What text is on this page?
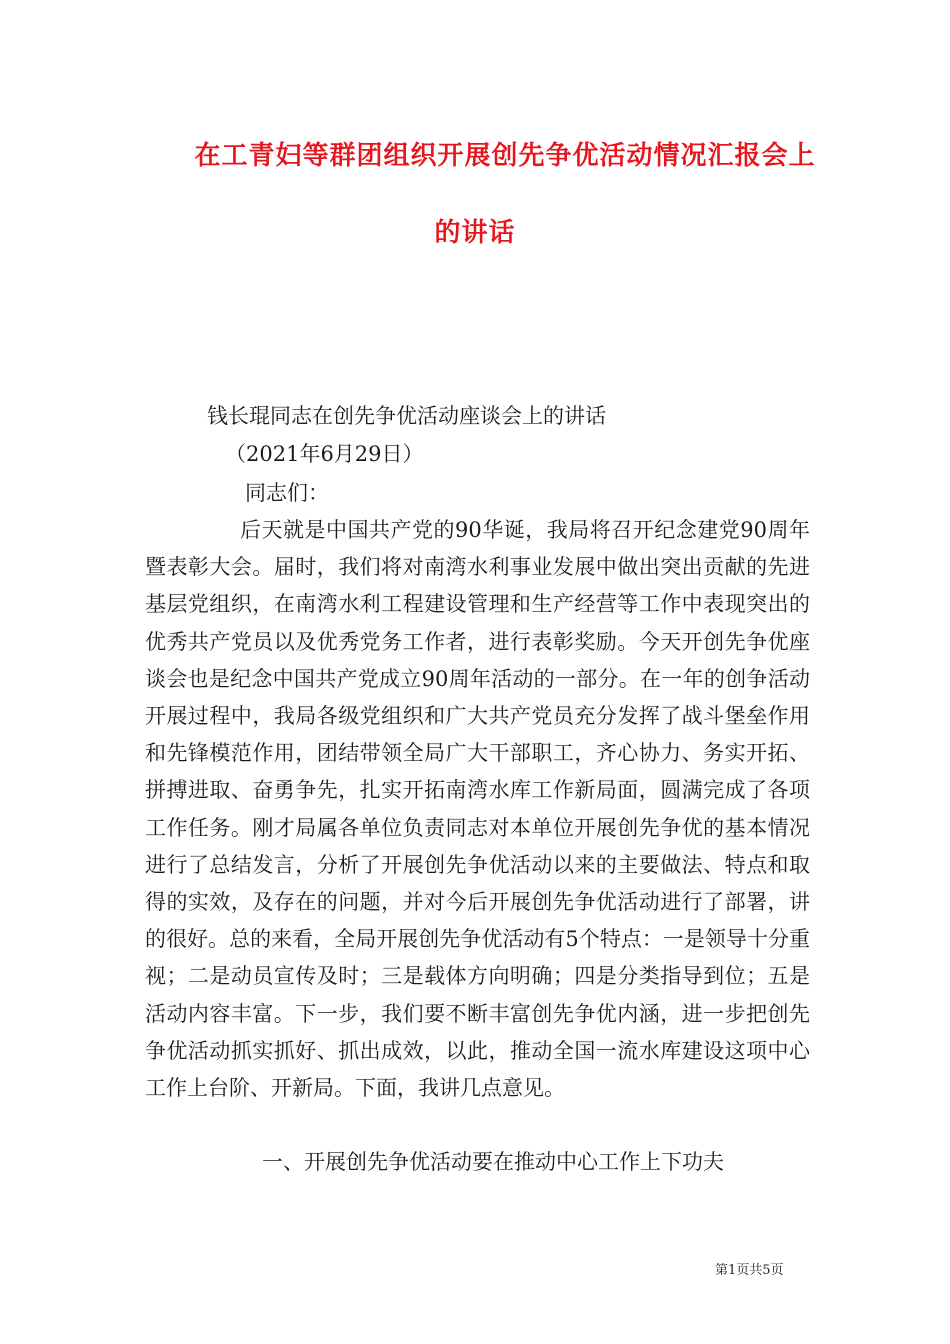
在工青妇等群团组织开展创先争优活动情况汇报会上
的讲话
钱长琨同志在创先争优活动座谈会上的讲话
（2021年6月29日）
同志们：
后天就是中国共产党的90华诞，我局将召开纪念建党90周年暨表彰大会。届时，我们将对南湾水利事业发展中做出突出贡献的先进基层党组织，在南湾水利工程建设管理和生产经营等工作中表现突出的优秀共产党员以及优秀党务工作者，进行表彰奖励。今天开创先争优座谈会也是纪念中国共产党成立90周年活动的一部分。在一年的创争活动开展过程中，我局各级党组织和广大共产党员充分发挥了战斗堡垒作用和先锋模范作用，团结带领全局广大干部职工，齐心协力、务实开拓、拼搏进取、奋勇争先，扎实开拓南湾水库工作新局面，圆满完成了各项工作任务。刚才局属各单位负责同志对本单位开展创先争优的基本情况进行了总结发言，分析了开展创先争优活动以来的主要做法、特点和取得的实效，及存在的问题，并对今后开展创先争优活动进行了部署，讲的很好。总的来看，全局开展创先争优活动有5个特点：一是领导十分重视；二是动员宣传及时；三是载体方向明确；四是分类指导到位；五是活动内容丰富。下一步，我们要不断丰富创先争优内涵，进一步把创先争优活动抓实抓好、抓出成效，以此，推动全国一流水库建设这项中心工作上台阶、开新局。下面，我讲几点意见。
一、开展创先争优活动要在推动中心工作上下功夫
第1页共5页
